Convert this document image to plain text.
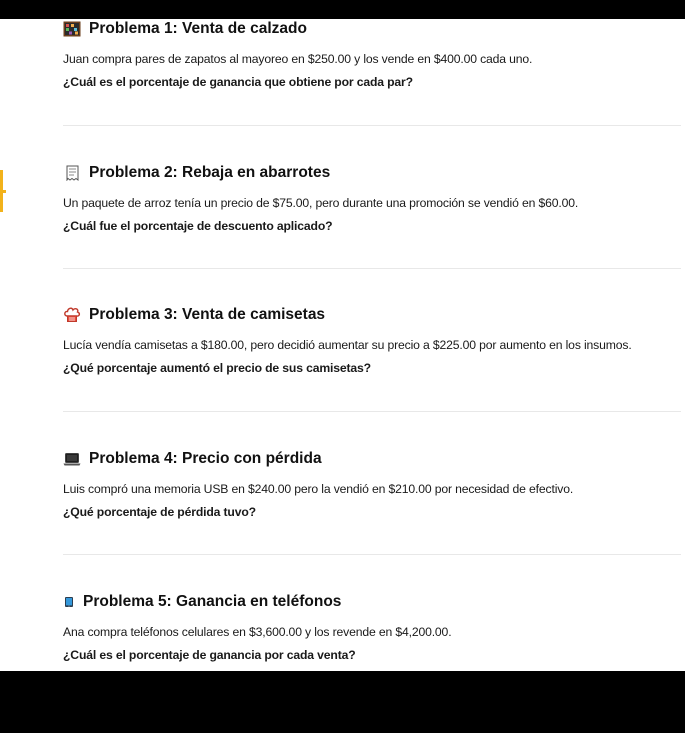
Problema 1: Venta de calzado
Juan compra pares de zapatos al mayoreo en $250.00 y los vende en $400.00 cada uno.
¿Cuál es el porcentaje de ganancia que obtiene por cada par?
Problema 2: Rebaja en abarrotes
Un paquete de arroz tenía un precio de $75.00, pero durante una promoción se vendió en $60.00.
¿Cuál fue el porcentaje de descuento aplicado?
Problema 3: Venta de camisetas
Lucía vendía camisetas a $180.00, pero decidió aumentar su precio a $225.00 por aumento en los insumos.
¿Qué porcentaje aumentó el precio de sus camisetas?
Problema 4: Precio con pérdida
Luis compró una memoria USB en $240.00 pero la vendió en $210.00 por necesidad de efectivo.
¿Qué porcentaje de pérdida tuvo?
Problema 5: Ganancia en teléfonos
Ana compra teléfonos celulares en $3,600.00 y los revende en $4,200.00.
¿Cuál es el porcentaje de ganancia por cada venta?
